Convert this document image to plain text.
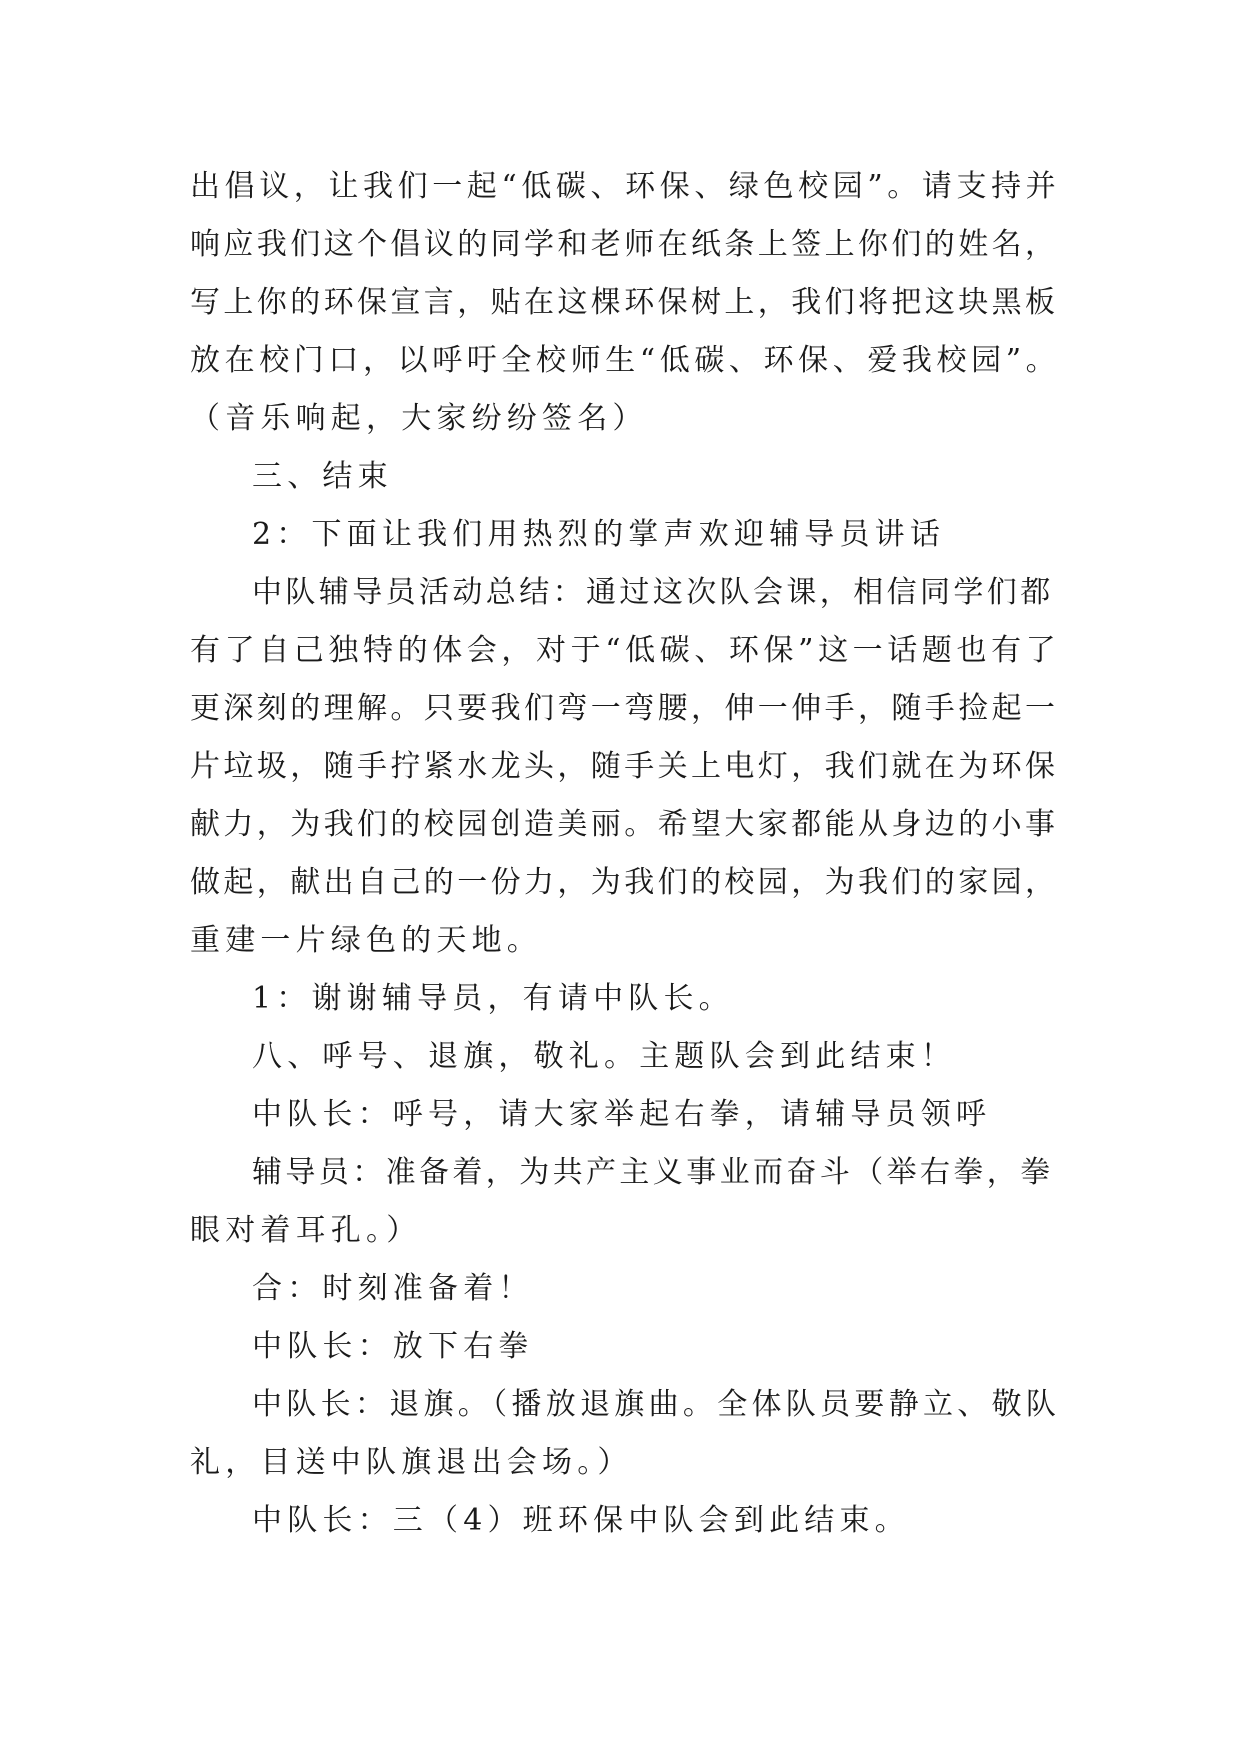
出倡议，让我们一起“低碳、环保、绿色校园”。请支持并
响应我们这个倡议的同学和老师在纸条上签上你们的姓名，
写上你的环保宣言，贴在这棵环保树上，我们将把这块黑板
放在校门口，以呼吁全校师生“低碳、环保、爱我校园”。
（音乐响起，大家纷纷签名）
三、结束
2：下面让我们用热烈的掌声欢迎辅导员讲话
中队辅导员活动总结：通过这次队会课，相信同学们都
有了自己独特的体会，对于“低碳、环保”这一话题也有了
更深刻的理解。只要我们弯一弯腰，伸一伸手，随手捡起一
片垃圾，随手拧紧水龙头，随手关上电灯，我们就在为环保
献力，为我们的校园创造美丽。希望大家都能从身边的小事
做起，献出自己的一份力，为我们的校园，为我们的家园，
重建一片绿色的天地。
1：谢谢辅导员，有请中队长。
八、呼号、退旗，敬礼。主题队会到此结束！
中队长：呼号，请大家举起右拳，请辅导员领呼
辅导员：准备着，为共产主义事业而奋斗（举右拳，拳
眼对着耳孔。）
合：时刻准备着！
中队长：放下右拳
中队长：退旗。（播放退旗曲。全体队员要静立、敬队
礼，目送中队旗退出会场。）
中队长：三（4）班环保中队会到此结束。
